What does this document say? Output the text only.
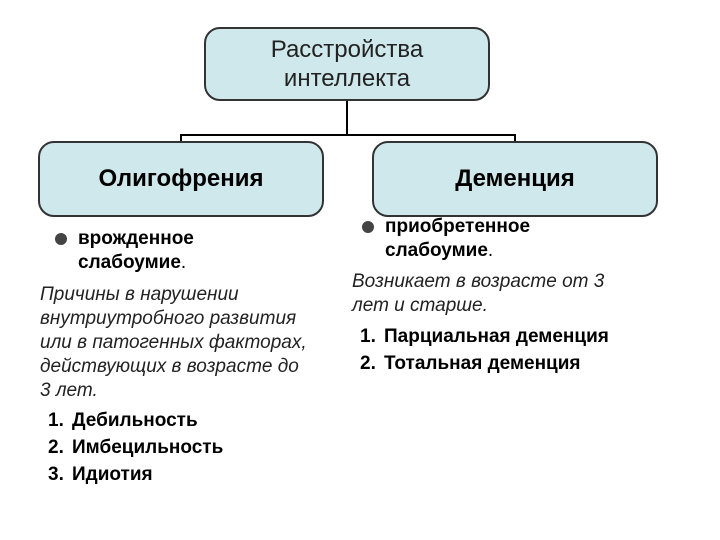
Расстройства
интеллекта
Олигофрения	Деменция
врожденное
слабоумие.
Причины в нарушении
внутриутробного развития
или в патогенных факторах,
действующих в возрасте до
3 лет.
1. Дебильность
2. Имбецильность
3. Идиотия
приобретенное
слабоумие.
Возникает в возрасте от 3
лет и старше.
1. Парциальная деменция
2. Тотальная деменция
